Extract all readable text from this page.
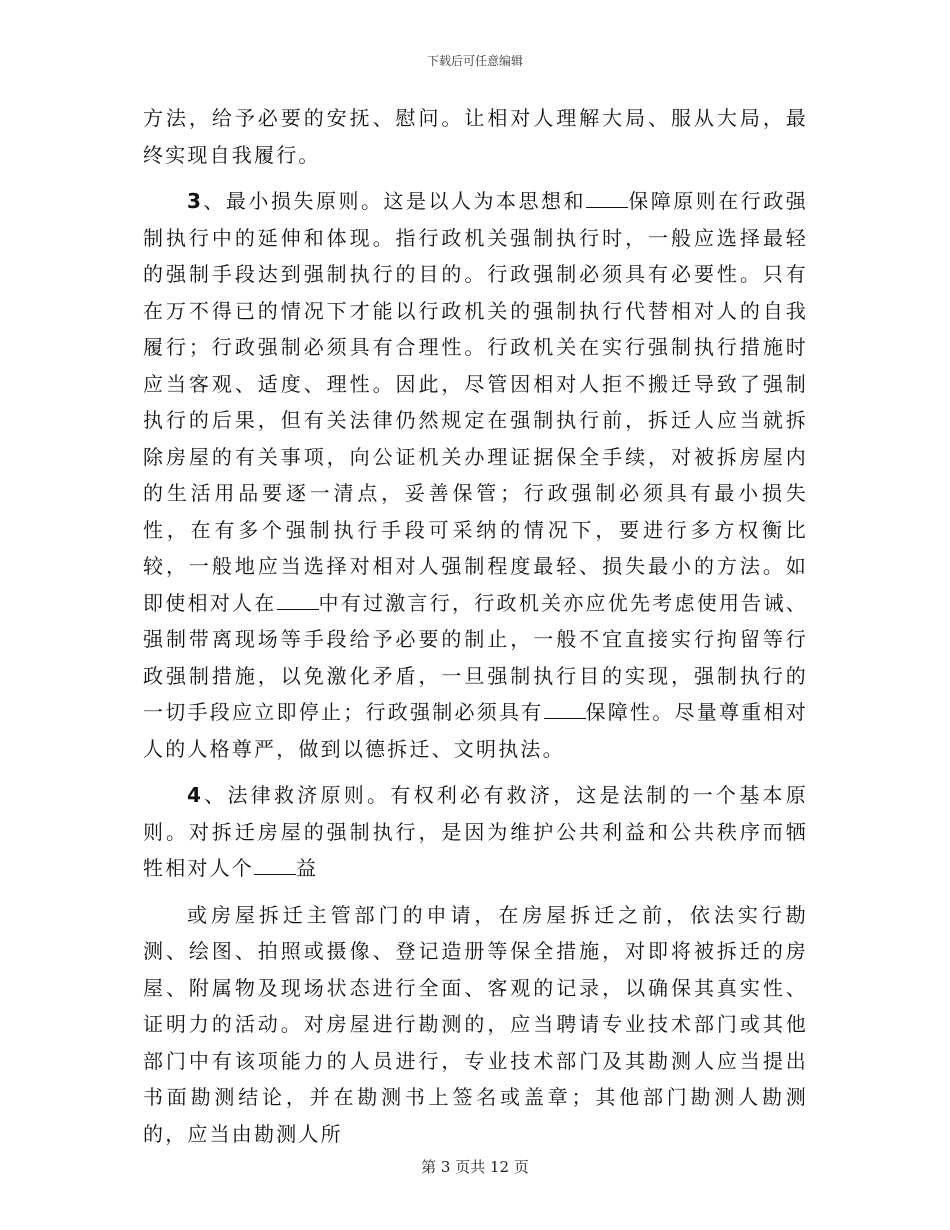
下载后可任意编辑

方法，给予必要的安抚、慰问。让相对人理解大局、服从大局，最终实现自我履行。

3、最小损失原则。这是以人为本思想和 保障原则在行政强制执行中的延伸和体现。指行政机关强制执行时，一般应选择最轻的强制手段达到强制执行的目的。行政强制必须具有必要性。只有在万不得已的情况下才能以行政机关的强制执行代替相对人的自我履行；行政强制必须具有合理性。行政机关在实行强制执行措施时应当客观、适度、理性。因此，尽管因相对人拒不搬迁导致了强制执行的后果，但有关法律仍然规定在强制执行前，拆迁人应当就拆除房屋的有关事项，向公证机关办理证据保全手续，对被拆房屋内的生活用品要逐一清点，妥善保管；行政强制必须具有最小损失性，在有多个强制执行手段可采纳的情况下，要进行多方权衡比较，一般地应当选择对相对人强制程度最轻、损失最小的方法。如即使相对人在 中有过激言行，行政机关亦应优先考虑使用告诫、强制带离现场等手段给予必要的制止，一般不宜直接实行拘留等行政强制措施，以免激化矛盾，一旦强制执行目的实现，强制执行的一切手段应立即停止；行政强制必须具有 保障性。尽量尊重相对人的人格尊严，做到以德拆迁、文明执法。

4、法律救济原则。有权利必有救济，这是法制的一个基本原则。对拆迁房屋的强制执行，是因为维护公共利益和公共秩序而牺牲相对人个 益

或房屋拆迁主管部门的申请，在房屋拆迁之前，依法实行勘测、绘图、拍照或摄像、登记造册等保全措施，对即将被拆迁的房屋、附属物及现场状态进行全面、客观的记录，以确保其真实性、证明力的活动。对房屋进行勘测的，应当聘请专业技术部门或其他部门中有该项能力的人员进行，专业技术部门及其勘测人应当提出书面勘测结论，并在勘测书上签名或盖章；其他部门勘测人勘测的，应当由勘测人所

第 3 页共 12 页
